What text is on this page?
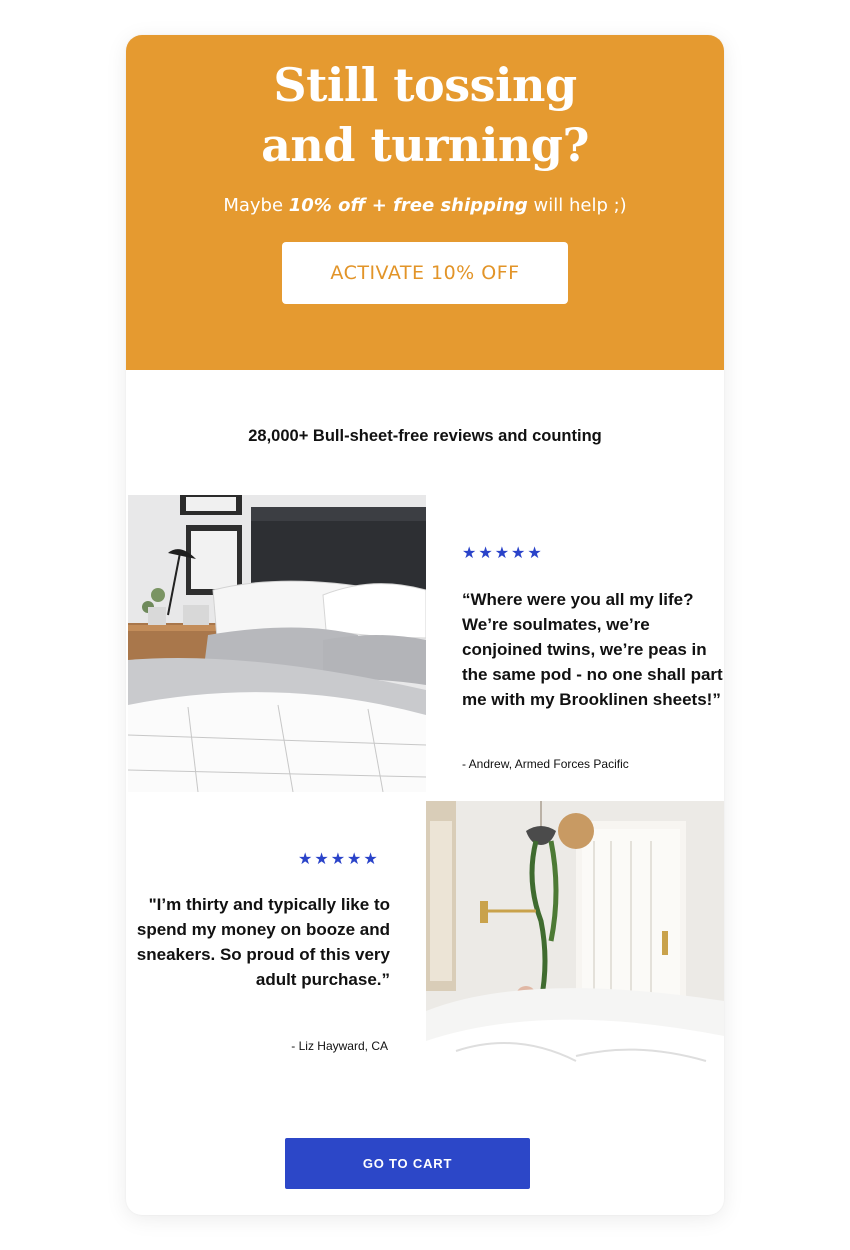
Still tossing
and turning?

Maybe 10% off + free shipping will help ;)

ACTIVATE 10% OFF
28,000+ Bull-sheet-free reviews and counting
★★★★★

“Where were you all my life? We’re soulmates, we’re conjoined twins, we’re peas in the same pod - no one shall part me with my Brooklinen sheets!”

- Andrew, Armed Forces Pacific

★★★★★

"I’m thirty and typically like to spend my money on booze and sneakers. So proud of this very adult purchase.”

- Liz Hayward, CA

GO TO CART
